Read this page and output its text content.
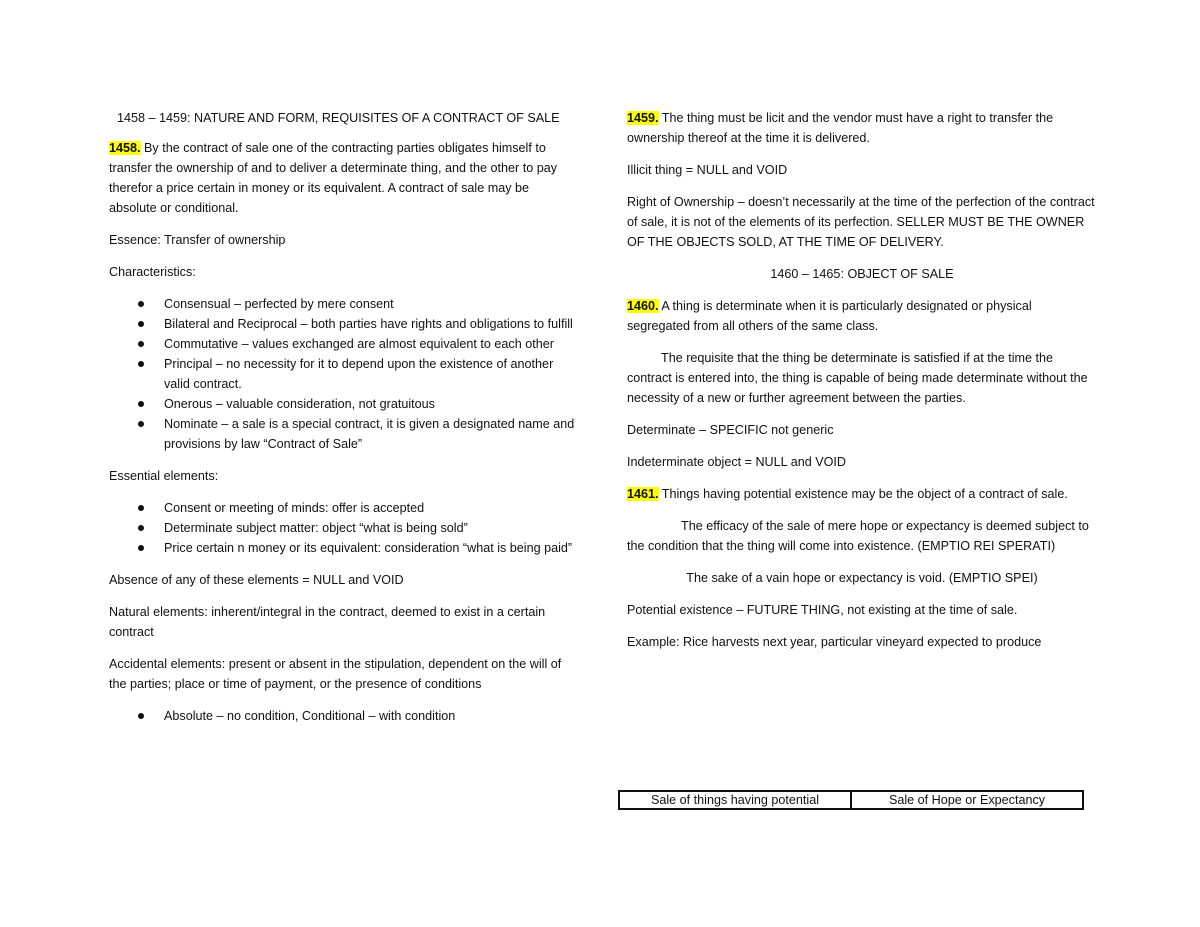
1458 – 1459: NATURE AND FORM, REQUISITES OF A CONTRACT OF SALE

1458. By the contract of sale one of the contracting parties obligates himself to transfer the ownership of and to deliver a determinate thing, and the other to pay therefor a price certain in money or its equivalent. A contract of sale may be absolute or conditional.

Essence: Transfer of ownership

Characteristics:

Consensual – perfected by mere consent
Bilateral and Reciprocal – both parties have rights and obligations to fulfill
Commutative – values exchanged are almost equivalent to each other
Principal – no necessity for it to depend upon the existence of another valid contract.
Onerous – valuable consideration, not gratuitous
Nominate – a sale is a special contract, it is given a designated name and provisions by law “Contract of Sale”

Essential elements:

Consent or meeting of minds: offer is accepted
Determinate subject matter: object “what is being sold”
Price certain n money or its equivalent: consideration “what is being paid”

Absence of any of these elements = NULL and VOID

Natural elements: inherent/integral in the contract, deemed to exist in a certain contract

Accidental elements: present or absent in the stipulation, dependent on the will of the parties; place or time of payment, or the presence of conditions

Absolute – no condition, Conditional – with condition

1459. The thing must be licit and the vendor must have a right to transfer the ownership thereof at the time it is delivered.

Illicit thing = NULL and VOID

Right of Ownership – doesn’t necessarily at the time of the perfection of the contract of sale, it is not of the elements of its perfection. SELLER MUST BE THE OWNER OF THE OBJECTS SOLD, AT THE TIME OF DELIVERY.

1460 – 1465: OBJECT OF SALE

1460. A thing is determinate when it is particularly designated or physical segregated from all others of the same class.

The requisite that the thing be determinate is satisfied if at the time the contract is entered into, the thing is capable of being made determinate without the necessity of a new or further agreement between the parties.

Determinate – SPECIFIC not generic

Indeterminate object = NULL and VOID

1461. Things having potential existence may be the object of a contract of sale.

The efficacy of the sale of mere hope or expectancy is deemed subject to the condition that the thing will come into existence. (EMPTIO REI SPERATI)

The sake of a vain hope or expectancy is void. (EMPTIO SPEI)

Potential existence – FUTURE THING, not existing at the time of sale.

Example: Rice harvests next year, particular vineyard expected to produce

Sale of things having potential	Sale of Hope or Expectancy
